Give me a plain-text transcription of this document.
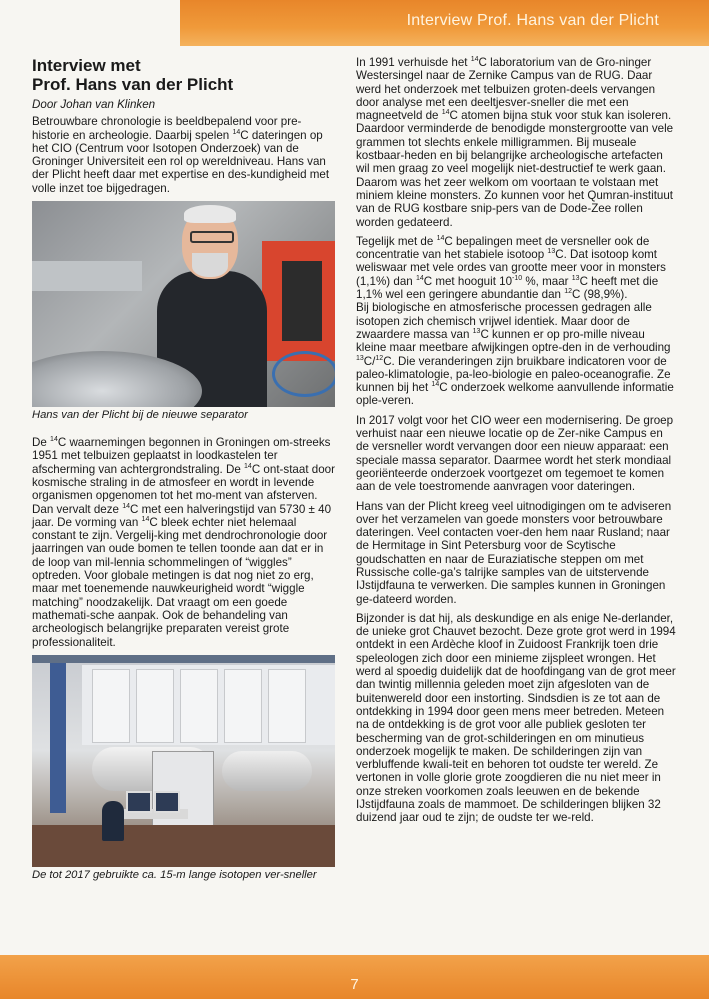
Interview Prof. Hans van der Plicht
Interview met
Prof. Hans van der Plicht
Door Johan van Klinken

Betrouwbare chronologie is beeldbepalend voor pre-historie en archeologie. Daarbij spelen $^{14}$C dateringen op het CIO (Centrum voor Isotopen Onderzoek) van de Groninger Universiteit een rol op wereldniveau. Hans van der Plicht heeft daar met expertise en des-kundigheid met volle inzet toe bijgedragen.

Hans van der Plicht bij de nieuwe separator

De $^{14}$C waarnemingen begonnen in Groningen om-streeks 1951 met telbuizen geplaatst in loodkastelen ter afscherming van achtergrondstraling. De $^{14}$C ont-staat door kosmische straling in de atmosfeer en wordt in levende organismen opgenomen tot het mo-ment van afsterven. Dan vervalt deze $^{14}$C met een halveringstijd van 5730 ± 40 jaar. De vorming van $^{14}$C bleek echter niet helemaal constant te zijn. Vergelij-king met dendrochronologie door jaarringen van oude bomen te tellen toonde aan dat er in de loop van mil-lennia schommelingen of “wiggles” optreden. Voor globale metingen is dat nog niet zo erg, maar met toenemende nauwkeurigheid wordt “wiggle matching” noodzakelijk. Dat vraagt om een goede mathemati-sche aanpak. Ook de behandeling van archeologisch belangrijke preparaten vereist grote professionaliteit.

De tot 2017 gebruikte ca. 15-m lange isotopen ver-sneller

In 1991 verhuisde het $^{14}$C laboratorium van de Gro-ninger Westersingel naar de Zernike Campus van de RUG. Daar werd het onderzoek met telbuizen groten-deels vervangen door analyse met een deeltjesver-sneller die met een magneetveld de $^{14}$C atomen bijna stuk voor stuk kan isoleren. Daardoor verminderde de benodigde monstergrootte van vele grammen tot slechts enkele milligrammen. Bij museale kostbaar-heden en bij belangrijke archeologische artefacten wil men graag zo veel mogelijk niet-destructief te werk gaan. Daarom was het zeer welkom om voortaan te volstaan met miniem kleine monsters. Zo kunnen voor het Qumran-instituut van de RUG kostbare snip-pers van de Dode-Zee rollen worden gedateerd.

Tegelijk met de $^{14}$C bepalingen meet de versneller ook de concentratie van het stabiele isotoop $^{13}$C. Dat isotoop komt weliswaar met vele ordes van grootte meer voor in monsters (1,1%) dan $^{14}$C met hooguit $10^{-10}$ %, maar $^{13}$C heeft met die 1,1% wel een geringere abundantie dan $^{12}$C (98,9%).

Bij biologische en atmosferische processen gedragen alle isotopen zich chemisch vrijwel identiek. Maar door de zwaardere massa van $^{13}$C kunnen er op pro-mille niveau kleine maar meetbare afwijkingen optre-den in de verhouding $^{13}$C/$^{12}$C. Die veranderingen zijn bruikbare indicatoren voor de paleo-klimatologie, pa-leo-biologie en paleo-oceanografie. Ze kunnen bij het $^{14}$C onderzoek welkome aanvullende informatie ople-veren.

In 2017 volgt voor het CIO weer een modernisering. De groep verhuist naar een nieuwe locatie op de Zer-nike Campus en de versneller wordt vervangen door een nieuw apparaat: een speciale massa separator. Daarmee wordt het sterk mondiaal georiënteerde onderzoek voortgezet om tegemoet te komen aan de vele toestromende aanvragen voor dateringen.

Hans van der Plicht kreeg veel uitnodigingen om te adviseren over het verzamelen van goede monsters voor betrouwbare dateringen. Veel contacten voer-den hem naar Rusland; naar de Hermitage in Sint Petersburg voor de Scytische goudschatten en naar de Euraziatische steppen om met Russische colle-ga’s talrijke samples van de uitstervende IJstijdfauna te verwerken. Die samples kunnen in Groningen ge-dateerd worden.

Bijzonder is dat hij, als deskundige en als enige Ne-derlander, de unieke grot Chauvet bezocht. Deze grote grot werd in 1994 ontdekt in een Ardèche kloof in Zuidoost Frankrijk toen drie speleologen zich door een minieme zijspleet wrongen. Het werd al spoedig duidelijk dat de hoofdingang van de grot meer dan twintig millennia geleden moet zijn afgesloten van de buitenwereld door een instorting. Sindsdien is ze tot aan de ontdekking in 1994 door geen mens meer betreden. Meteen na de ontdekking is de grot voor alle publiek gesloten ter bescherming van de grot-schilderingen en om minutieus onderzoek mogelijk te maken. De schilderingen zijn van verbluffende kwali-teit en behoren tot oudste ter wereld. Ze vertonen in volle glorie grote zoogdieren die nu niet meer in onze streken voorkomen zoals leeuwen en de bekende IJstijdfauna zoals de mammoet. De schilderingen blijken 32 duizend jaar oud te zijn; de oudste ter we-reld.

7
